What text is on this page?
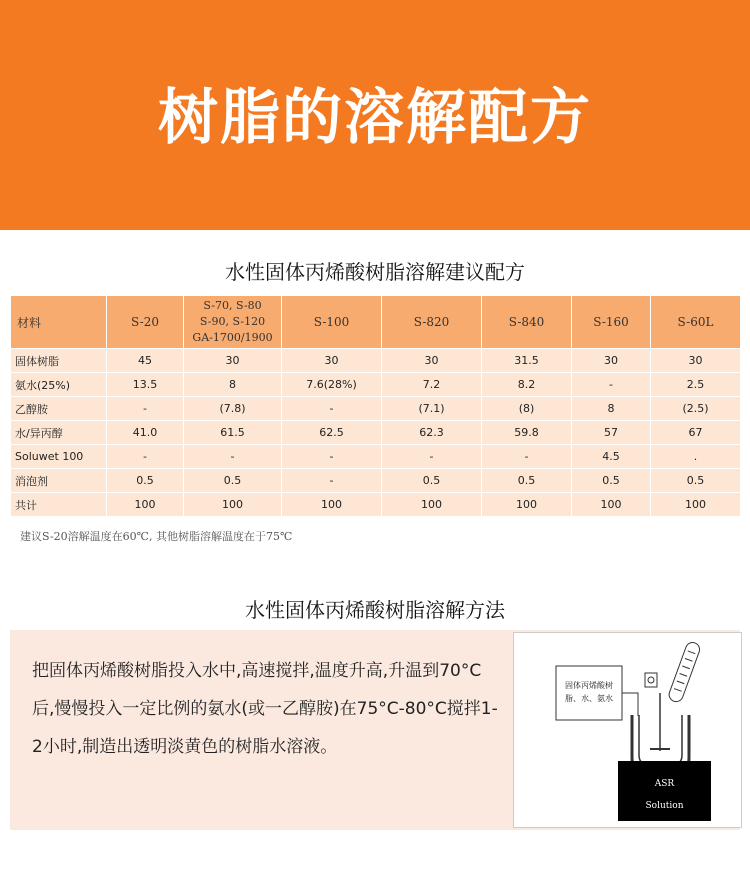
树脂的溶解配方
水性固体丙烯酸树脂溶解建议配方
材料	S-20	S-70, S-80
S-90, S-120
GA-1700/1900	S-100	S-820	S-840	S-160	S-60L
固体树脂	45	30	30	30	31.5	30	30
氨水(25%)	13.5	8	7.6(28%)	7.2	8.2	-	2.5
乙醇胺	-	(7.8)	-	(7.1)	(8)	8	(2.5)
水/异丙醇	41.0	61.5	62.5	62.3	59.8	57	67
Soluwet 100	-	-	-	-	-	4.5	.
消泡剂	0.5	0.5	-	0.5	0.5	0.5	0.5
共计	100	100	100	100	100	100	100
建议S-20溶解温度在60℃, 其他树脂溶解温度在于75℃
水性固体丙烯酸树脂溶解方法

把固体丙烯酸树脂投入水中,高速搅拌,温度升高,升温到70°C后,慢慢投入一定比例的氨水(或一乙醇胺)在75°C-80°C搅拌1-2小时,制造出透明淡黄色的树脂水溶液。

固体丙烯酸树
脂、水、氨水
ASR
Solution
